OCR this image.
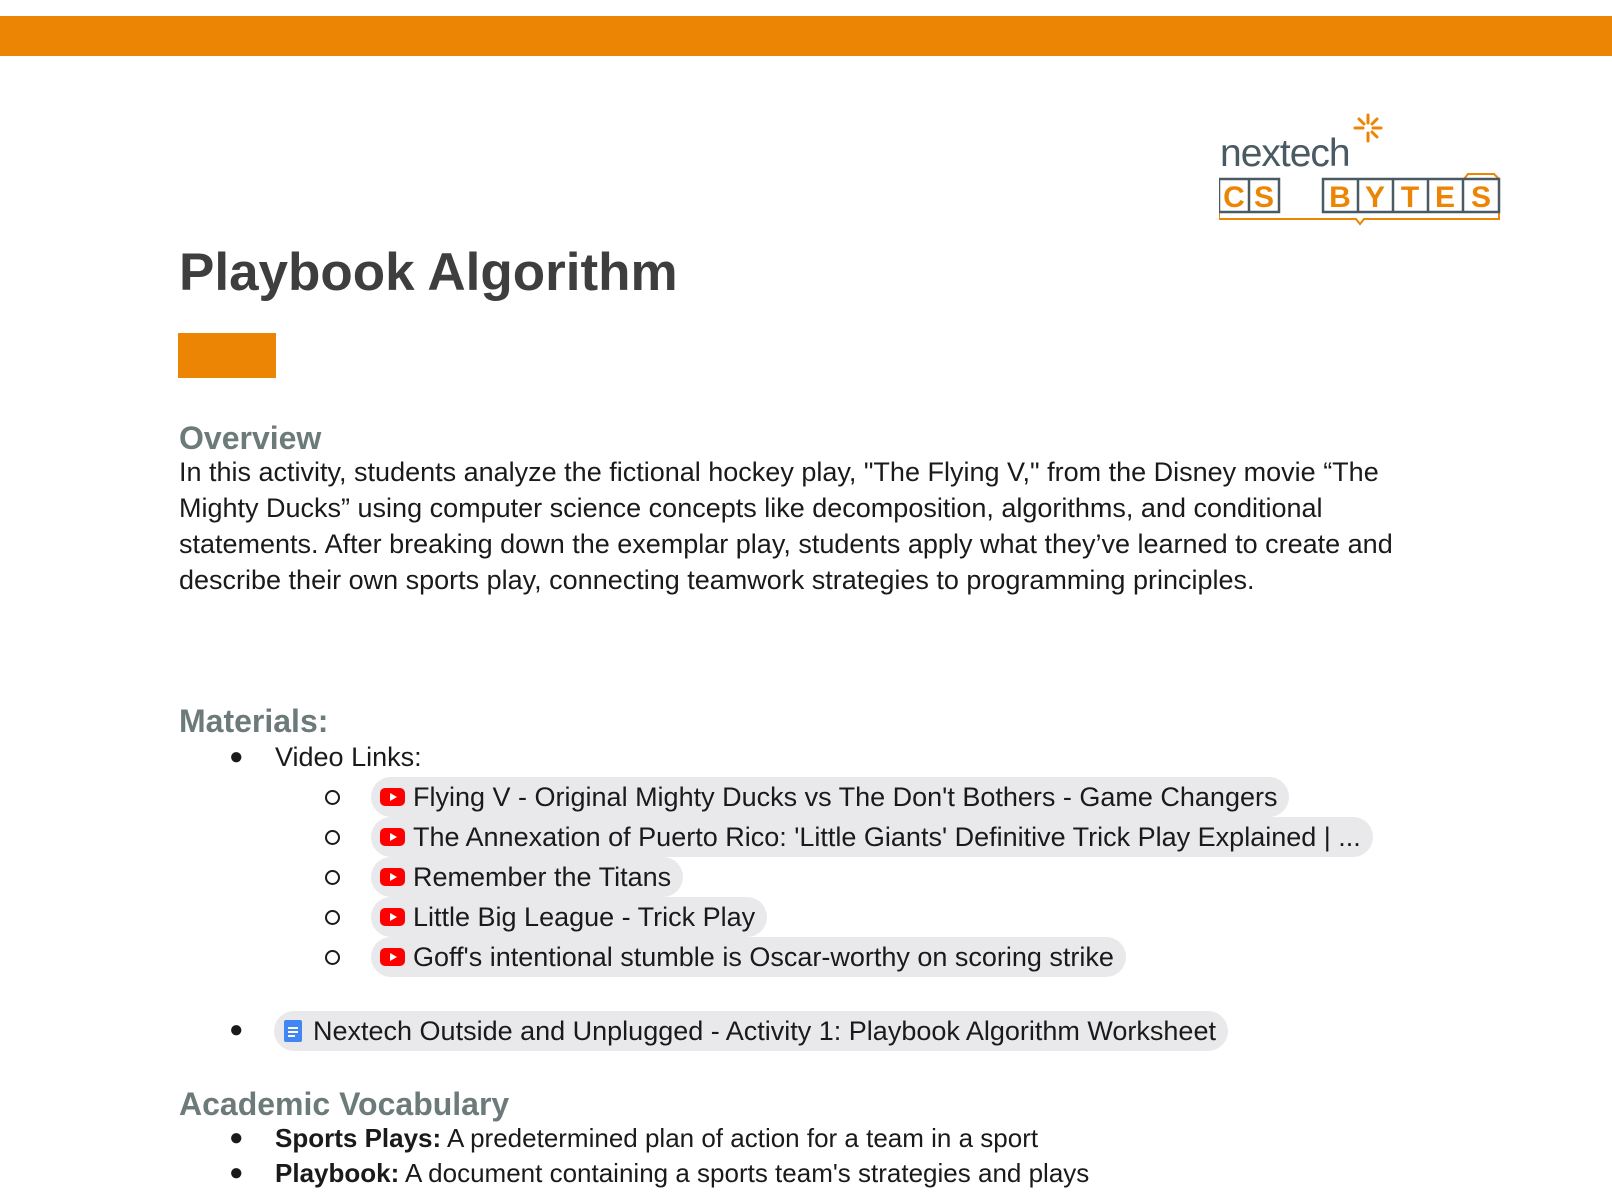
nextech
C S B Y T E S
Playbook Algorithm
Overview

In this activity, students analyze the fictional hockey play, "The Flying V," from the Disney movie “The Mighty Ducks” using computer science concepts like decomposition, algorithms, and conditional statements. After breaking down the exemplar play, students apply what they’ve learned to create and describe their own sports play, connecting teamwork strategies to programming principles.

Materials:
● Video Links:
Flying V - Original Mighty Ducks vs The Don't Bothers - Game Changers
The Annexation of Puerto Rico: 'Little Giants' Definitive Trick Play Explained | ...
Remember the Titans
Little Big League - Trick Play
Goff's intentional stumble is Oscar-worthy on scoring strike
●	Nextech Outside and Unplugged - Activity 1: Playbook Algorithm Worksheet
Academic Vocabulary
● Sports Plays: A predetermined plan of action for a team in a sport
● Playbook: A document containing a sports team's strategies and plays
